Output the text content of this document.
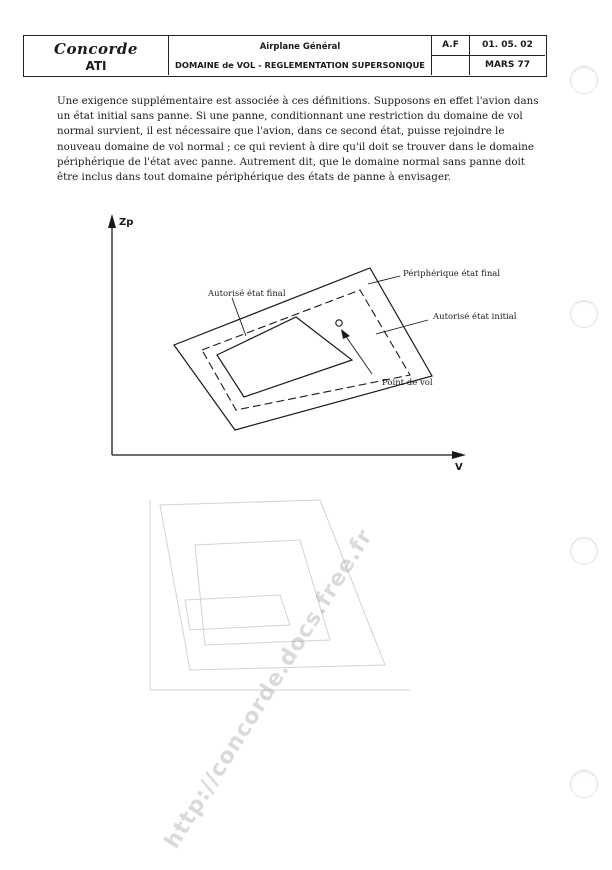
Concorde
ATI
Airplane Général
DOMAINE de VOL - REGLEMENTATION SUPERSONIQUE
A.F	01. 05. 02
MARS 77

Une exigence supplémentaire est associée à ces définitions. Supposons en effet l'avion dans un état initial sans panne. Si une panne, conditionnant une restriction du domaine de vol normal survient, il est nécessaire que l'avion, dans ce second état, puisse rejoindre le nouveau domaine de vol normal ; ce qui revient à dire qu'il doit se trouver dans le domaine périphérique de l'état avec panne. Autrement dit, que le domaine normal sans panne doit être inclus dans tout domaine périphérique des états de panne à envisager.

Zp
V
Périphérique état final
Autorisé état final
Autorisé état initial
Point de vol
http://concorde.docs.free.fr
